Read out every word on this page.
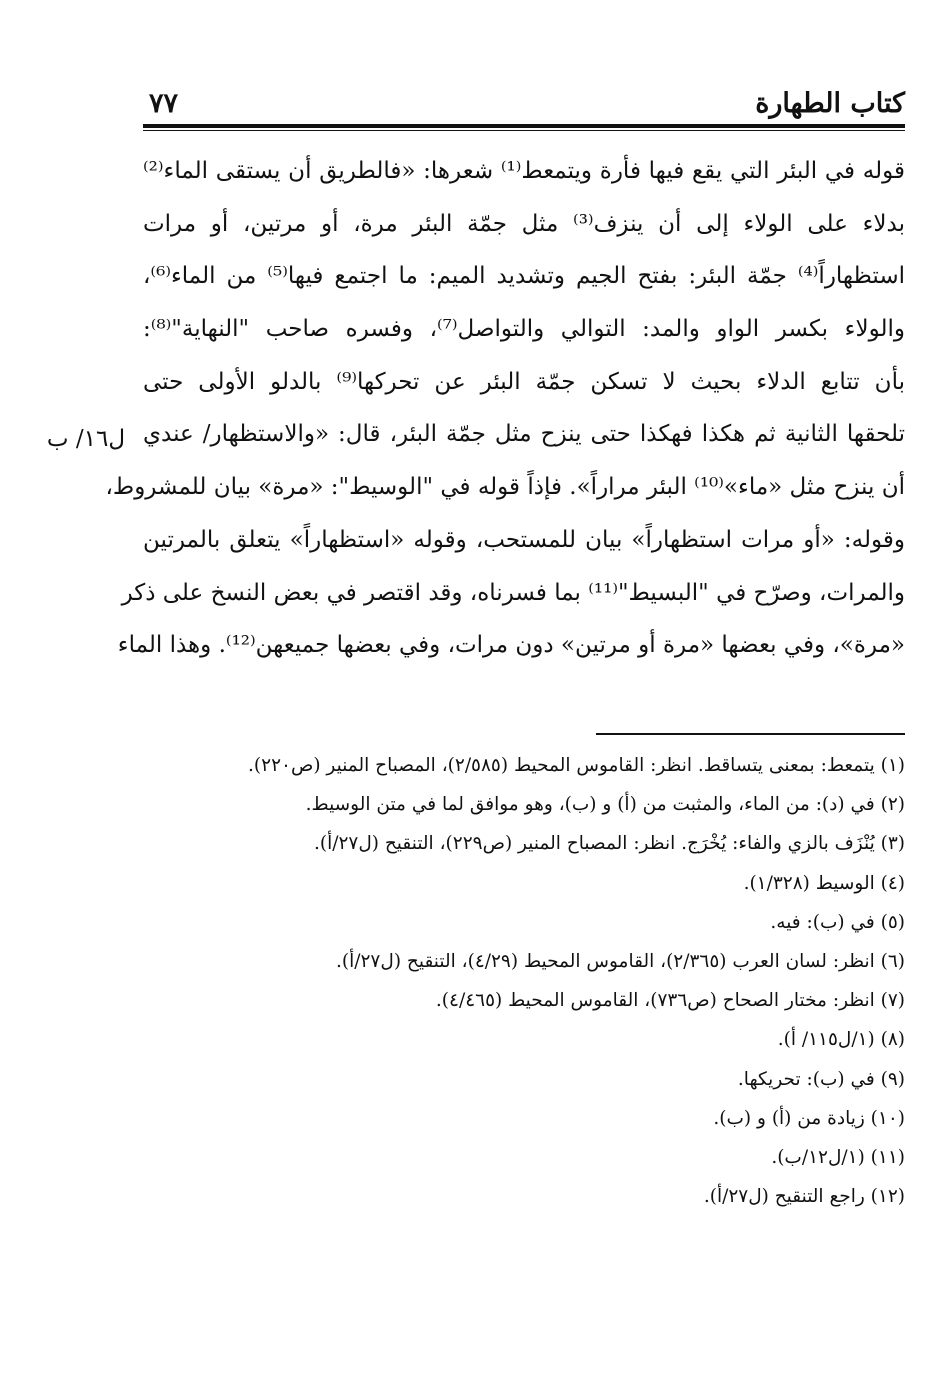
كتاب الطهارة
٧٧
قوله في البئر التي يقع فيها فأرة ويتمعط⁽¹⁾ شعرها: «فالطريق أن يستقى الماء⁽²⁾
بدلاء على الولاء إلى أن ينزف⁽³⁾ مثل جمّة البئر مرة، أو مرتين، أو مرات
استظهاراً⁽⁴⁾ جمّة البئر: بفتح الجيم وتشديد الميم: ما اجتمع فيها⁽⁵⁾ من الماء⁽⁶⁾،
والولاء بكسر الواو والمد: التوالي والتواصل⁽⁷⁾، وفسره صاحب "النهاية"⁽⁸⁾:
بأن تتابع الدلاء بحيث لا تسكن جمّة البئر عن تحركها⁽⁹⁾ بالدلو الأولى حتى
تلحقها الثانية ثم هكذا فهكذا حتى ينزح مثل جمّة البئر، قال: «والاستظهار/ عندي
أن ينزح مثل «ماء»⁽¹⁰⁾ البئر مراراً». فإذاً قوله في "الوسيط": «مرة» بيان للمشروط،
وقوله: «أو مرات استظهاراً» بيان للمستحب، وقوله «استظهاراً» يتعلق بالمرتين
والمرات، وصرّح في "البسيط"⁽¹¹⁾ بما فسرناه، وقد اقتصر في بعض النسخ على ذكر
«مرة»، وفي بعضها «مرة أو مرتين» دون مرات، وفي بعضها جميعهن⁽¹²⁾. وهذا الماء
ل١٦/ ب
(١) يتمعط: بمعنى يتساقط. انظر: القاموس المحيط (٢/٥٨٥)، المصباح المنير (ص٢٢٠).
(٢) في (د): من الماء، والمثبت من (أ) و (ب)، وهو موافق لما في متن الوسيط.
(٣) يُنْزَف بالزي والفاء: يُخْرَج. انظر: المصباح المنير (ص٢٢٩)، التنقيح (ل٢٧/أ).
(٤) الوسيط (١/٣٢٨).
(٥) في (ب): فيه.
(٦) انظر: لسان العرب (٢/٣٦٥)، القاموس المحيط (٤/٢٩)، التنقيح (ل٢٧/أ).
(٧) انظر: مختار الصحاح (ص٧٣٦)، القاموس المحيط (٤/٤٦٥).
(٨) (١/ل١١٥/ أ).
(٩) في (ب): تحريكها.
(١٠) زيادة من (أ) و (ب).
(١١) (١/ل١٢/ب).
(١٢) راجع التنقيح (ل٢٧/أ).
